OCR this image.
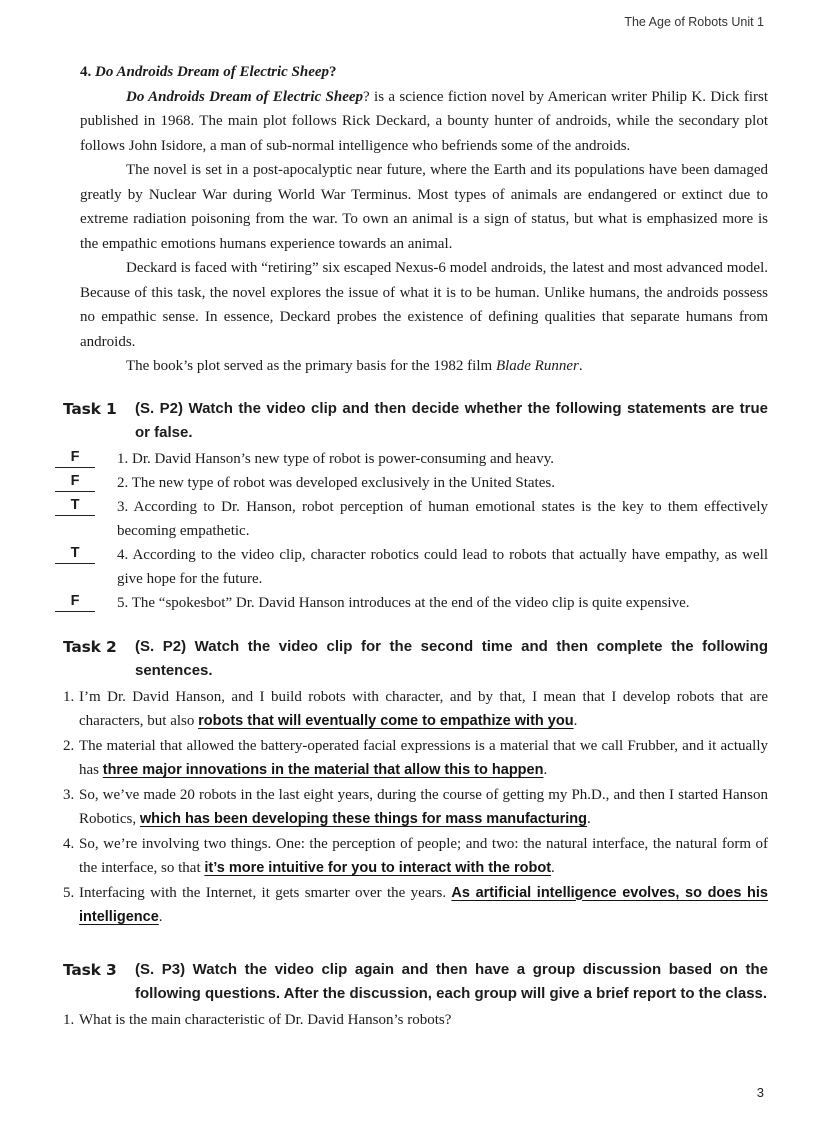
The Age of Robots Unit 1

4. Do Androids Dream of Electric Sheep?

Do Androids Dream of Electric Sheep? is a science fiction novel by American writer Philip K. Dick first published in 1968. The main plot follows Rick Deckard, a bounty hunter of androids, while the secondary plot follows John Isidore, a man of sub-normal intelligence who befriends some of the androids.

The novel is set in a post-apocalyptic near future, where the Earth and its populations have been damaged greatly by Nuclear War during World War Terminus. Most types of animals are endangered or extinct due to extreme radiation poisoning from the war. To own an animal is a sign of status, but what is emphasized more is the empathic emotions humans experience towards an animal.

Deckard is faced with “retiring” six escaped Nexus-6 model androids, the latest and most advanced model. Because of this task, the novel explores the issue of what it is to be human. Unlike humans, the androids possess no empathic sense. In essence, Deckard probes the existence of defining qualities that separate humans from androids.

The book’s plot served as the primary basis for the 1982 film Blade Runner.

Task 1	(S. P2) Watch the video clip and then decide whether the following statements are true or false.
F	1. Dr. David Hanson’s new type of robot is power-consuming and heavy.
F	2. The new type of robot was developed exclusively in the United States.
T	3. According to Dr. Hanson, robot perception of human emotional states is the key to them effectively becoming empathetic.
T	4. According to the video clip, character robotics could lead to robots that actually have empathy, as well give hope for the future.
F	5. The “spokesbot” Dr. David Hanson introduces at the end of the video clip is quite expensive.
Task 2	(S. P2) Watch the video clip for the second time and then complete the following sentences.
1. I’m Dr. David Hanson, and I build robots with character, and by that, I mean that I develop robots that are characters, but also robots that will eventually come to empathize with you.
2. The material that allowed the battery-operated facial expressions is a material that we call Frubber, and it actually has three major innovations in the material that allow this to happen.
3. So, we’ve made 20 robots in the last eight years, during the course of getting my Ph.D., and then I started Hanson Robotics, which has been developing these things for mass manufacturing.
4. So, we’re involving two things. One: the perception of people; and two: the natural interface, the natural form of the interface, so that it’s more intuitive for you to interact with the robot.
5. Interfacing with the Internet, it gets smarter over the years. As artificial intelligence evolves, so does his intelligence.
Task 3	(S. P3) Watch the video clip again and then have a group discussion based on the following questions. After the discussion, each group will give a brief report to the class.
1. What is the main characteristic of Dr. David Hanson’s robots?
3
